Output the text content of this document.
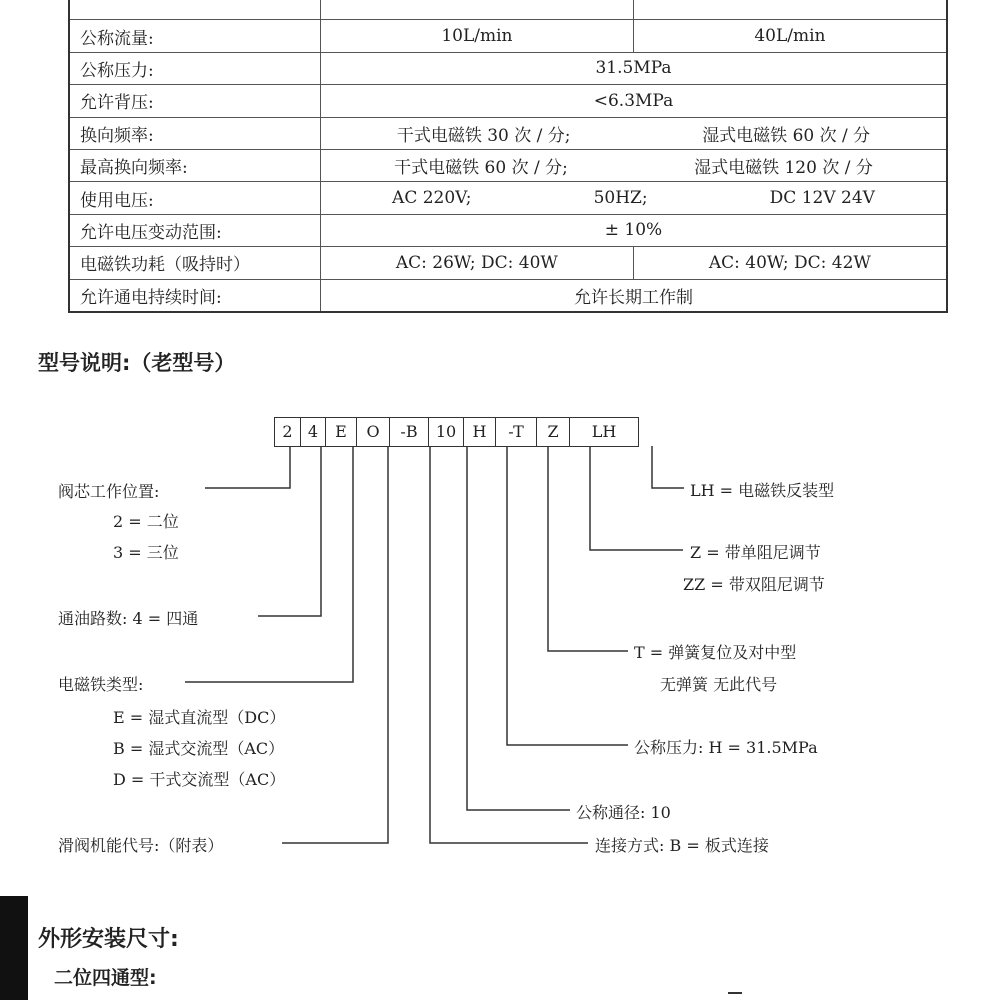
公称流量:	10L/min	40L/min
公称压力:	31.5MPa	
允许背压:	<6.3MPa	
换向频率:	干式电磁铁 30 次 / 分; 湿式电磁铁 60 次 / 分	

最高换向频率:	干式电磁铁 60 次 / 分; 湿式电磁铁 120 次 / 分	

使用电压:	AC 220V; 50HZ; DC 12V 24V	

允许电压变动范围:	± 10%	
电磁铁功耗（吸持时）	AC: 26W; DC: 40W	AC: 40W; DC: 42W
允许通电持续时间:	允许长期工作制	
型号说明:（老型号）
2 4	E	O	-B	10	H	-T	Z	LH
阀芯工作位置:
2 = 二位
3 = 三位
通油路数: 4 = 四通
电磁铁类型:
E = 湿式直流型（DC）
B = 湿式交流型（AC）
D = 干式交流型（AC）
滑阀机能代号:（附表）
LH = 电磁铁反装型
Z = 带单阻尼调节
ZZ = 带双阻尼调节
T = 弹簧复位及对中型
无弹簧 无此代号
公称压力: H = 31.5MPa
公称通径: 10
连接方式: B = 板式连接
外形安装尺寸:
二位四通型:
